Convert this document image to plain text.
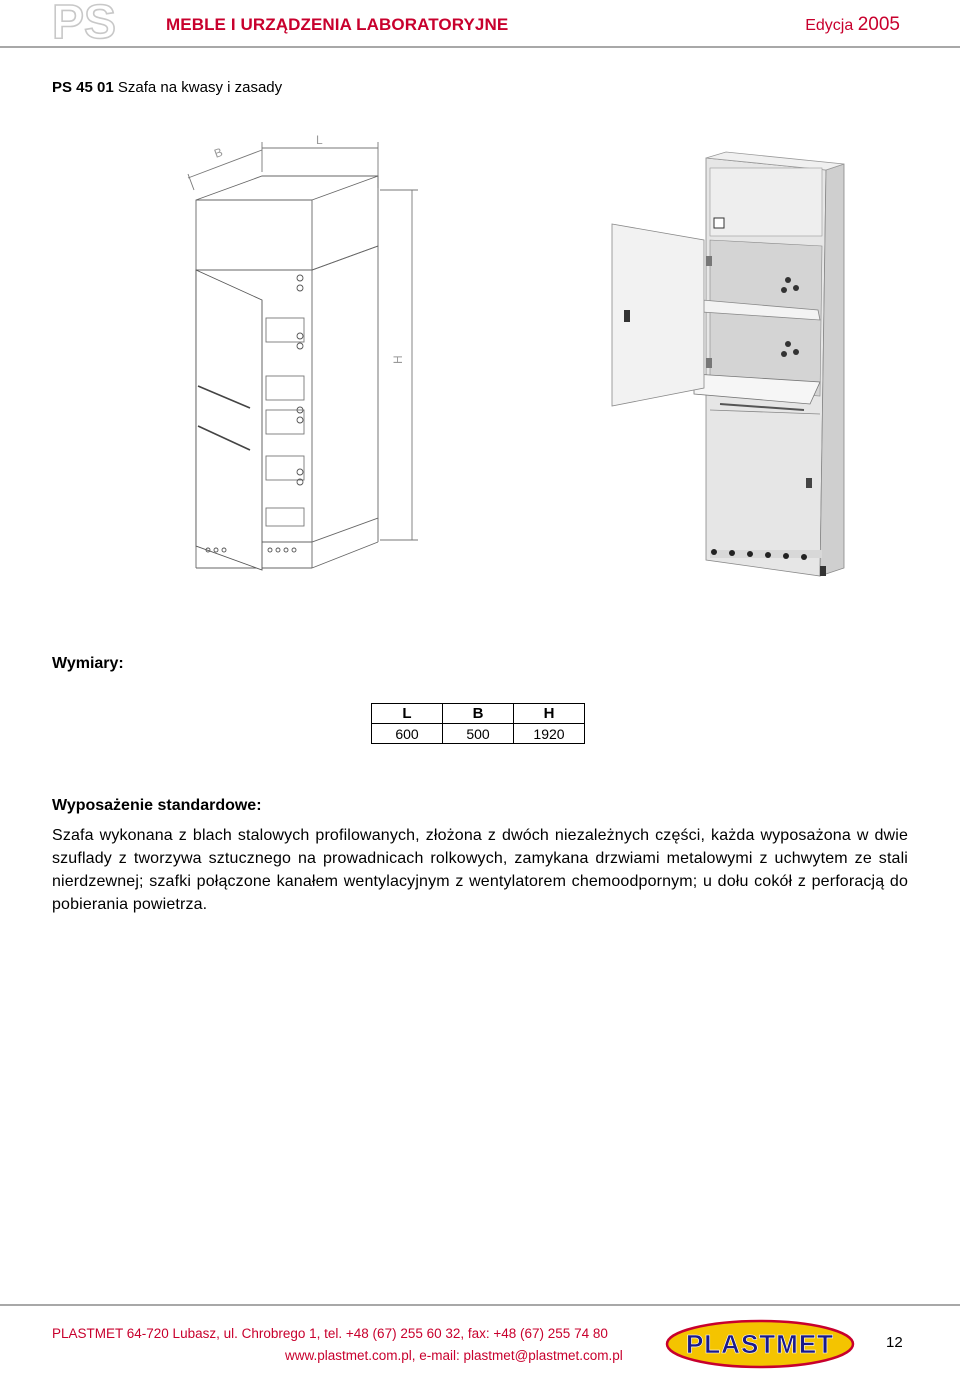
PS	MEBLE I URZĄDZENIA LABORATORYJNE	Edycja 2005
PS 45 01 Szafa na kwasy i zasady
B
L
H
Wymiary:
L	B	H
600	500	1920
Wyposażenie standardowe:
Szafa wykonana z blach stalowych profilowanych, złożona z dwóch niezależnych części, każda wyposażona w dwie szuflady z tworzywa sztucznego na prowadnicach rolkowych, zamykana drzwiami metalowymi z uchwytem ze stali nierdzewnej; szafki połączone kanałem wentylacyjnym z wentylatorem chemoodpornym; u dołu cokół z perforacją do pobierania powietrza.
PLASTMET 64-720 Lubasz, ul. Chrobrego 1, tel. +48 (67) 255 60 32, fax: +48 (67) 255 74 80
www.plastmet.com.pl, e-mail: plastmet@plastmet.com.pl PLASTMET	12
